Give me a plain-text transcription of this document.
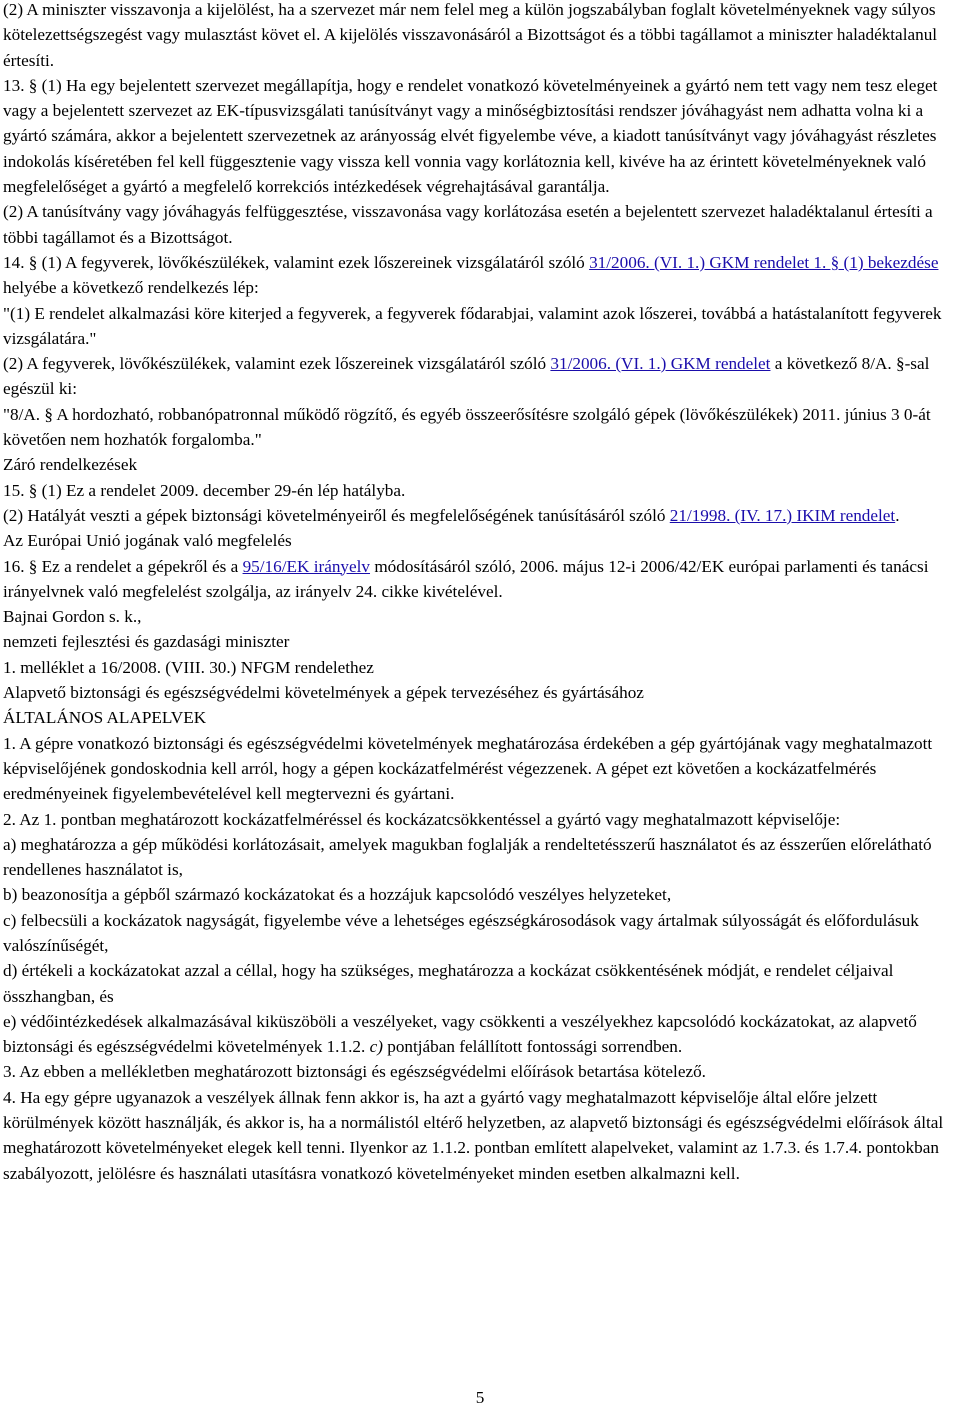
(2) A miniszter visszavonja a kijelölést, ha a szervezet már nem felel meg a külön jogszabályban foglalt követelményeknek vagy súlyos kötelezettségszegést vagy mulasztást követ el. A kijelölés visszavonásáról a Bizottságot és a többi tagállamot a miniszter haladéktalanul értesíti.

13. § (1) Ha egy bejelentett szervezet megállapítja, hogy e rendelet vonatkozó követelményeinek a gyártó nem tett vagy nem tesz eleget vagy a bejelentett szervezet az EK-típusvizsgálati tanúsítványt vagy a minőségbiztosítási rendszer jóváhagyást nem adhatta volna ki a gyártó számára, akkor a bejelentett szervezetnek az arányosság elvét figyelembe véve, a kiadott tanúsítványt vagy jóváhagyást részletes indokolás kíséretében fel kell függesztenie vagy vissza kell vonnia vagy korlátoznia kell, kivéve ha az érintett követelményeknek való megfelelőséget a gyártó a megfelelő korrekciós intézkedések végrehajtásával garantálja.

(2) A tanúsítvány vagy jóváhagyás felfüggesztése, visszavonása vagy korlátozása esetén a bejelentett szervezet haladéktalanul értesíti a többi tagállamot és a Bizottságot.

14. § (1) A fegyverek, lövőkészülékek, valamint ezek lőszereinek vizsgálatáról szóló 31/2006. (VI. 1.) GKM rendelet 1. § (1) bekezdése helyébe a következő rendelkezés lép:

"(1) E rendelet alkalmazási köre kiterjed a fegyverek, a fegyverek fődarabjai, valamint azok lőszerei, továbbá a hatástalanított fegyverek vizsgálatára."

(2) A fegyverek, lövőkészülékek, valamint ezek lőszereinek vizsgálatáról szóló 31/2006. (VI. 1.) GKM rendelet a következő 8/A. §-sal egészül ki:

"8/A. § A hordozható, robbanópatronnal működő rögzítő, és egyéb összeerősítésre szolgáló gépek (lövőkészülékek) 2011. június 3 0-át követően nem hozhatók forgalomba."

Záró rendelkezések

15. § (1) Ez a rendelet 2009. december 29-én lép hatályba.

(2) Hatályát veszti a gépek biztonsági követelményeiről és megfelelőségének tanúsításáról szóló 21/1998. (IV. 17.) IKIM rendelet.

Az Európai Unió jogának való megfelelés

16. § Ez a rendelet a gépekről és a 95/16/EK irányelv módosításáról szóló, 2006. május 12-i 2006/42/EK európai parlamenti és tanácsi irányelvnek való megfelelést szolgálja, az irányelv 24. cikke kivételével.

Bajnai Gordon s. k.,

nemzeti fejlesztési és gazdasági miniszter

1. melléklet a 16/2008. (VIII. 30.) NFGM rendelethez

Alapvető biztonsági és egészségvédelmi követelmények a gépek tervezéséhez és gyártásához

ÁLTALÁNOS ALAPELVEK

1. A gépre vonatkozó biztonsági és egészségvédelmi követelmények meghatározása érdekében a gép gyártójának vagy meghatalmazott képviselőjének gondoskodnia kell arról, hogy a gépen kockázatfelmérést végezzenek. A gépet ezt követően a kockázatfelmérés eredményeinek figyelembevételével kell megtervezni és gyártani.

2. Az 1. pontban meghatározott kockázatfelméréssel és kockázatcsökkentéssel a gyártó vagy meghatalmazott képviselője:

a) meghatározza a gép működési korlátozásait, amelyek magukban foglalják a rendeltetésszerű használatot és az ésszerűen előrelátható rendellenes használatot is,

b) beazonosítja a gépből származó kockázatokat és a hozzájuk kapcsolódó veszélyes helyzeteket,

c) felbecsüli a kockázatok nagyságát, figyelembe véve a lehetséges egészségkárosodások vagy ártalmak súlyosságát és előfordulásuk valószínűségét,

d) értékeli a kockázatokat azzal a céllal, hogy ha szükséges, meghatározza a kockázat csökkentésének módját, e rendelet céljaival összhangban, és

e) védőintézkedések alkalmazásával kiküszöböli a veszélyeket, vagy csökkenti a veszélyekhez kapcsolódó kockázatokat, az alapvető biztonsági és egészségvédelmi követelmények 1.1.2. c) pontjában felállított fontossági sorrendben.

3. Az ebben a mellékletben meghatározott biztonsági és egészségvédelmi előírások betartása kötelező.

4. Ha egy gépre ugyanazok a veszélyek állnak fenn akkor is, ha azt a gyártó vagy meghatalmazott képviselője által előre jelzett körülmények között használják, és akkor is, ha a normálistól eltérő helyzetben, az alapvető biztonsági és egészségvédelmi előírások által meghatározott követelményeket elegek kell tenni. Ilyenkor az 1.1.2. pontban említett alapelveket, valamint az 1.7.3. és 1.7.4. pontokban szabályozott, jelölésre és használati utasításra vonatkozó követelményeket minden esetben alkalmazni kell.

5
